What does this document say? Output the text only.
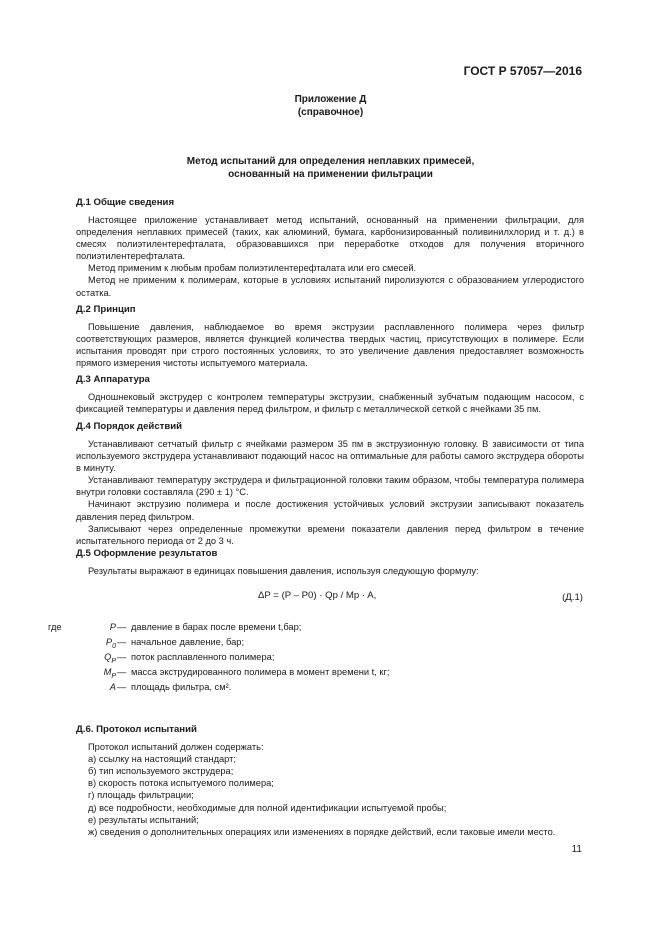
ГОСТ Р 57057—2016
Приложение Д
(справочное)
Метод испытаний для определения неплавких примесей,
основанный на применении фильтрации
Д.1 Общие сведения

Настоящее приложение устанавливает метод испытаний, основанный на применении фильтрации, для определения неплавких примесей (таких, как алюминий, бумага, карбонизированный поливинилхлорид и т. д.) в смесях полиэтилентерефталата, образовавшихся при переработке отходов для получения вторичного полиэтилентерефталата.

Метод применим к любым пробам полиэтилентерефталата или его смесей.

Метод не применим к полимерам, которые в условиях испытаний пиролизуются с образованием углеродистого остатка.

Д.2 Принцип

Повышение давления, наблюдаемое во время экструзии расплавленного полимера через фильтр соответствующих размеров, является функцией количества твердых частиц, присутствующих в полимере. Если испытания проводят при строго постоянных условиях, то это увеличение давления предоставляет возможность прямого измерения чистоты испытуемого материала.

Д.3 Аппаратура

Одношнековый экструдер с контролем температуры экструзии, снабженный зубчатым подающим насосом, с фиксацией температуры и давления перед фильтром, и фильтр с металлической сеткой с ячейками 35 пм.

Д.4 Порядок действий

Устанавливают сетчатый фильтр с ячейками размером 35 пм в экструзионную головку. В зависимости от типа используемого экструдера устанавливают подающий насос на оптимальные для работы самого экструдера обороты в минуту.

Устанавливают температуру экструдера и фильтрационной головки таким образом, чтобы температура полимера внутри головки составляла (290 ± 1) °С.

Начинают экструзию полимера и после достижения устойчивых условий экструзии записывают показатель давления перед фильтром.

Записывают через определенные промежутки времени показатели давления перед фильтром в течение испытательного периода от 2 до 3 ч.

Д.5 Оформление результатов

Результаты выражают в единицах повышения давления, используя следующую формулу:

ΔP = (P – P0) · Qp / Mp · A,	(Д.1)
где	P — давление в барах после времени t,бар;
$P_0$ — начальное давление, бар;
$Q_P$ — поток расплавленного полимера;
$M_P$ — масса экструдированного полимера в момент времени t, кг;
A — площадь фильтра, см².
Д.6. Протокол испытаний
Протокол испытаний должен содержать:
а) ссылку на настоящий стандарт;
б) тип используемого экструдера;
в) скорость потока испытуемого полимера;
г) площадь фильтрации;
д) все подробности, необходимые для полной идентификации испытуемой пробы;
е) результаты испытаний;
ж) сведения о дополнительных операциях или изменениях в порядке действий, если таковые имели место.
11
